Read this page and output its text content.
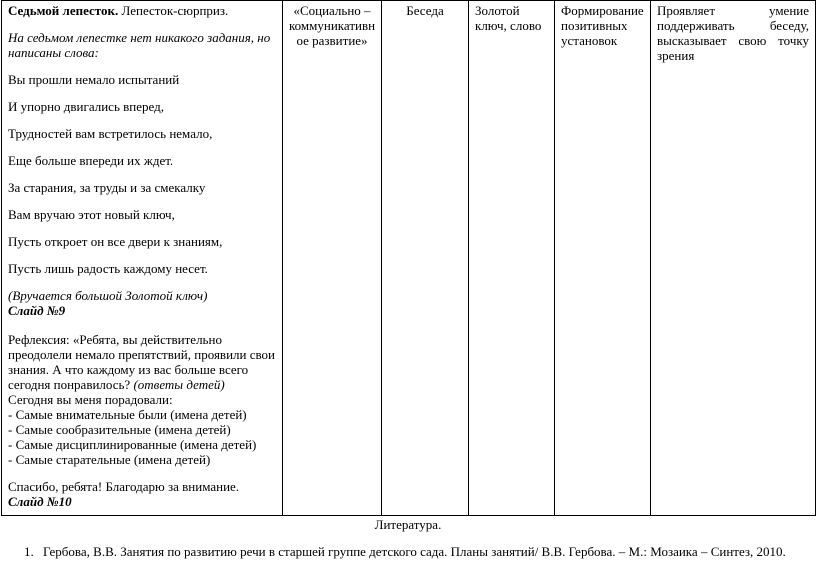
Седьмой лепесток. Лепесток-сюрприз.

На седьмом лепестке нет никакого задания, но написаны слова:

Вы прошли немало испытаний

И упорно двигались вперед,

Трудностей вам встретилось немало,

Еще больше впереди их ждет.

За старания, за труды и за смекалку

Вам вручаю этот новый ключ,

Пусть откроет он все двери к знаниям,

Пусть лишь радость каждому несет.

(Вручается большой Золотой ключ)

Слайд №9

Рефлексия: «Ребята, вы действительно преодолели немало препятствий, проявили свои знания. А что каждому из вас больше всего сегодня понравилось? (ответы детей)

Сегодня вы меня порадовали:

- Самые внимательные были (имена детей)

- Самые сообразительные (имена детей)

- Самые дисциплинированные (имена детей)

- Самые старательные (имена детей)

Спасибо, ребята! Благодарю за внимание.

Слайд №10

	«Социально – коммуникативн ое развитие»	Беседа	Золотой ключ, слово	Формирование позитивных установок	Проявляет умение поддерживать беседу, высказывает свою точку зрения
Литература.
1. Гербова, В.В. Занятия по развитию речи в старшей группе детского сада. Планы занятий/ В.В. Гербова. – М.: Мозаика – Синтез, 2010.
